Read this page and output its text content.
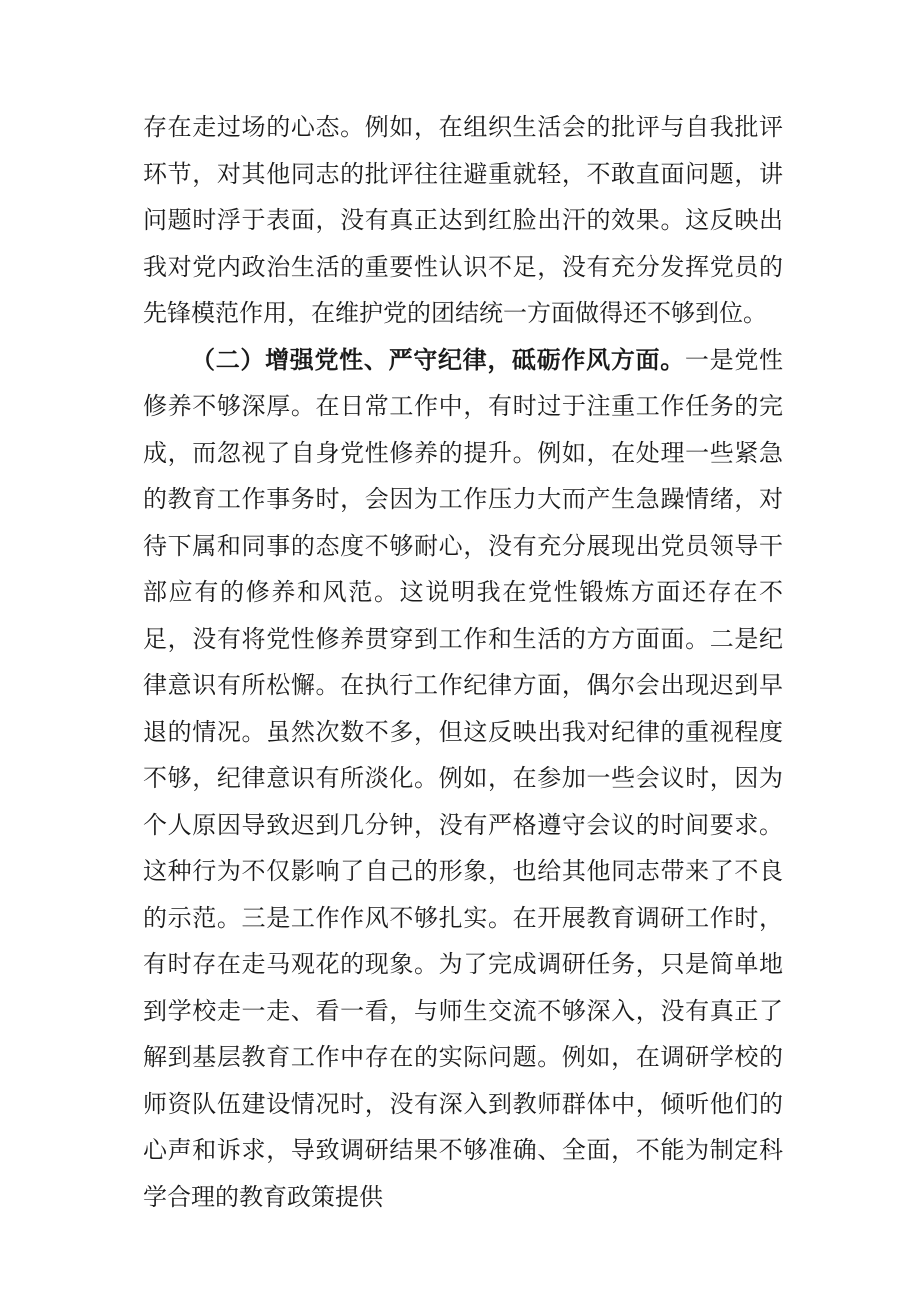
存在走过场的心态。例如，在组织生活会的批评与自我批评环节，对其他同志的批评往往避重就轻，不敢直面问题，讲问题时浮于表面，没有真正达到红脸出汗的效果。这反映出我对党内政治生活的重要性认识不足，没有充分发挥党员的先锋模范作用，在维护党的团结统一方面做得还不够到位。

（二）增强党性、严守纪律，砥砺作风方面。一是党性修养不够深厚。在日常工作中，有时过于注重工作任务的完成，而忽视了自身党性修养的提升。例如，在处理一些紧急的教育工作事务时，会因为工作压力大而产生急躁情绪，对待下属和同事的态度不够耐心，没有充分展现出党员领导干部应有的修养和风范。这说明我在党性锻炼方面还存在不足，没有将党性修养贯穿到工作和生活的方方面面。二是纪律意识有所松懈。在执行工作纪律方面，偶尔会出现迟到早退的情况。虽然次数不多，但这反映出我对纪律的重视程度不够，纪律意识有所淡化。例如，在参加一些会议时，因为个人原因导致迟到几分钟，没有严格遵守会议的时间要求。这种行为不仅影响了自己的形象，也给其他同志带来了不良的示范。三是工作作风不够扎实。在开展教育调研工作时，有时存在走马观花的现象。为了完成调研任务，只是简单地到学校走一走、看一看，与师生交流不够深入，没有真正了解到基层教育工作中存在的实际问题。例如，在调研学校的师资队伍建设情况时，没有深入到教师群体中，倾听他们的心声和诉求，导致调研结果不够准确、全面，不能为制定科学合理的教育政策提供
